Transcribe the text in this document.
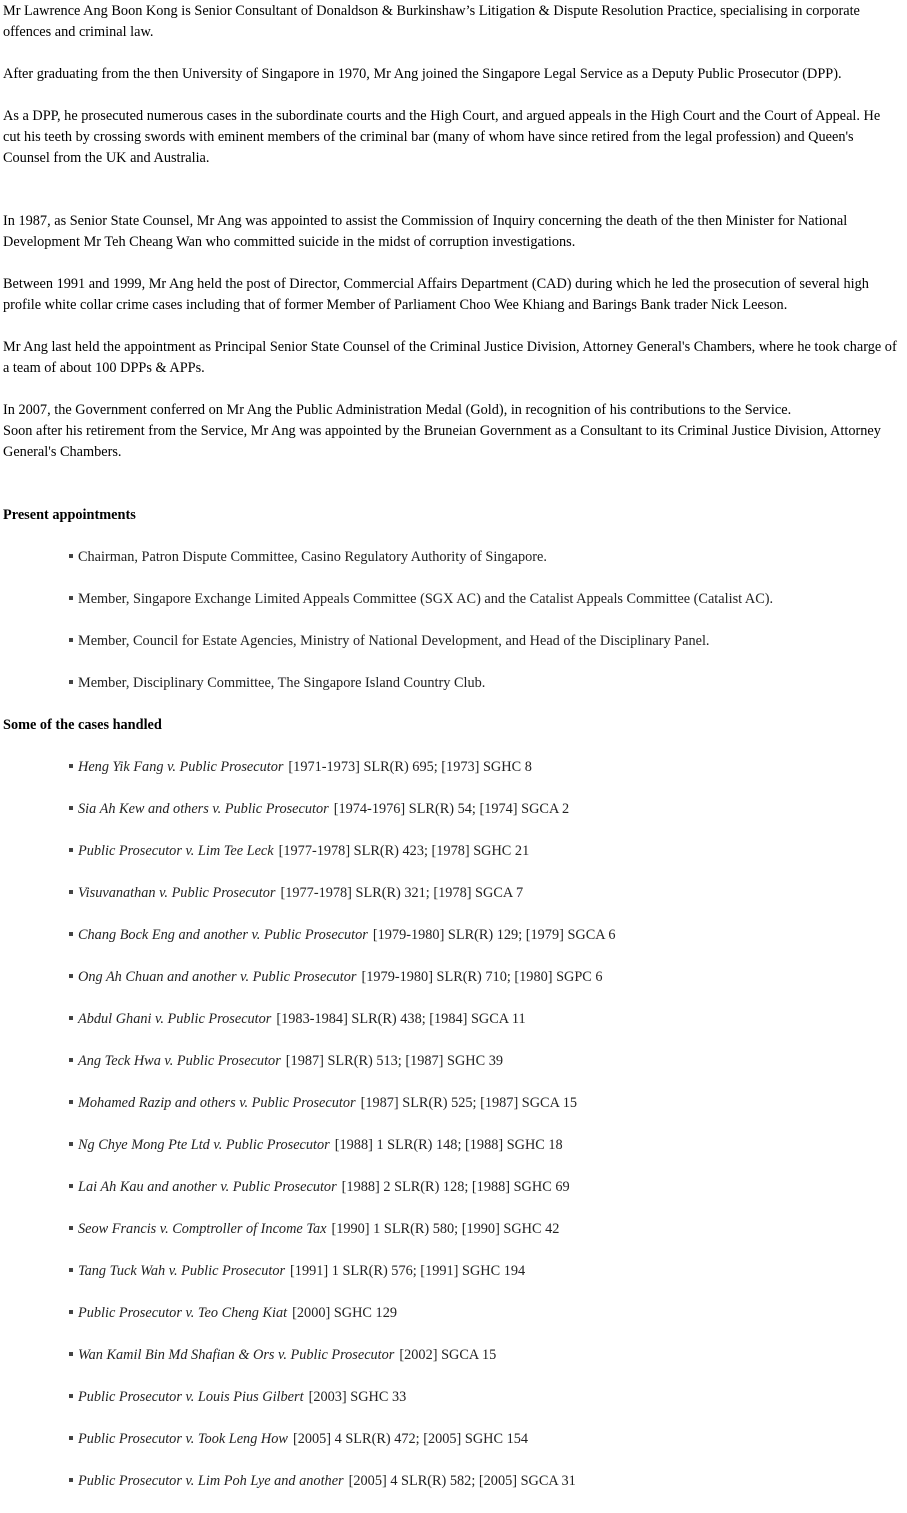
Mr Lawrence Ang Boon Kong is Senior Consultant of Donaldson & Burkinshaw’s Litigation & Dispute Resolution Practice, specialising in corporate offences and criminal law.

After graduating from the then University of Singapore in 1970, Mr Ang joined the Singapore Legal Service as a Deputy Public Prosecutor (DPP).

As a DPP, he prosecuted numerous cases in the subordinate courts and the High Court, and argued appeals in the High Court and the Court of Appeal. He cut his teeth by crossing swords with eminent members of the criminal bar (many of whom have since retired from the legal profession) and Queen's Counsel from the UK and Australia.

In 1987, as Senior State Counsel, Mr Ang was appointed to assist the Commission of Inquiry concerning the death of the then Minister for National Development Mr Teh Cheang Wan who committed suicide in the midst of corruption investigations.

Between 1991 and 1999, Mr Ang held the post of Director, Commercial Affairs Department (CAD) during which he led the prosecution of several high profile white collar crime cases including that of former Member of Parliament Choo Wee Khiang and Barings Bank trader Nick Leeson.

Mr Ang last held the appointment as Principal Senior State Counsel of the Criminal Justice Division, Attorney General's Chambers, where he took charge of a team of about 100 DPPs & APPs.

In 2007, the Government conferred on Mr Ang the Public Administration Medal (Gold), in recognition of his contributions to the Service.

Soon after his retirement from the Service, Mr Ang was appointed by the Bruneian Government as a Consultant to its Criminal Justice Division, Attorney General's Chambers.

Present appointments
Chairman, Patron Dispute Committee, Casino Regulatory Authority of Singapore.
Member, Singapore Exchange Limited Appeals Committee (SGX AC) and the Catalist Appeals Committee (Catalist AC).
Member, Council for Estate Agencies, Ministry of National Development, and Head of the Disciplinary Panel.
Member, Disciplinary Committee, The Singapore Island Country Club.
Some of the cases handled
Heng Yik Fang v. Public Prosecutor [1971-1973] SLR(R) 695; [1973] SGHC 8
Sia Ah Kew and others v. Public Prosecutor [1974-1976] SLR(R) 54; [1974] SGCA 2
Public Prosecutor v. Lim Tee Leck [1977-1978] SLR(R) 423; [1978] SGHC 21
Visuvanathan v. Public Prosecutor [1977-1978] SLR(R) 321; [1978] SGCA 7
Chang Bock Eng and another v. Public Prosecutor [1979-1980] SLR(R) 129; [1979] SGCA 6
Ong Ah Chuan and another v. Public Prosecutor [1979-1980] SLR(R) 710; [1980] SGPC 6
Abdul Ghani v. Public Prosecutor [1983-1984] SLR(R) 438; [1984] SGCA 11
Ang Teck Hwa v. Public Prosecutor [1987] SLR(R) 513; [1987] SGHC 39
Mohamed Razip and others v. Public Prosecutor [1987] SLR(R) 525; [1987] SGCA 15
Ng Chye Mong Pte Ltd v. Public Prosecutor [1988] 1 SLR(R) 148; [1988] SGHC 18
Lai Ah Kau and another v. Public Prosecutor [1988] 2 SLR(R) 128; [1988] SGHC 69
Seow Francis v. Comptroller of Income Tax [1990] 1 SLR(R) 580; [1990] SGHC 42
Tang Tuck Wah v. Public Prosecutor [1991] 1 SLR(R) 576; [1991] SGHC 194
Public Prosecutor v. Teo Cheng Kiat [2000] SGHC 129
Wan Kamil Bin Md Shafian & Ors v. Public Prosecutor [2002] SGCA 15
Public Prosecutor v. Louis Pius Gilbert [2003] SGHC 33
Public Prosecutor v. Took Leng How [2005] 4 SLR(R) 472; [2005] SGHC 154
Public Prosecutor v. Lim Poh Lye and another [2005] 4 SLR(R) 582; [2005] SGCA 31
